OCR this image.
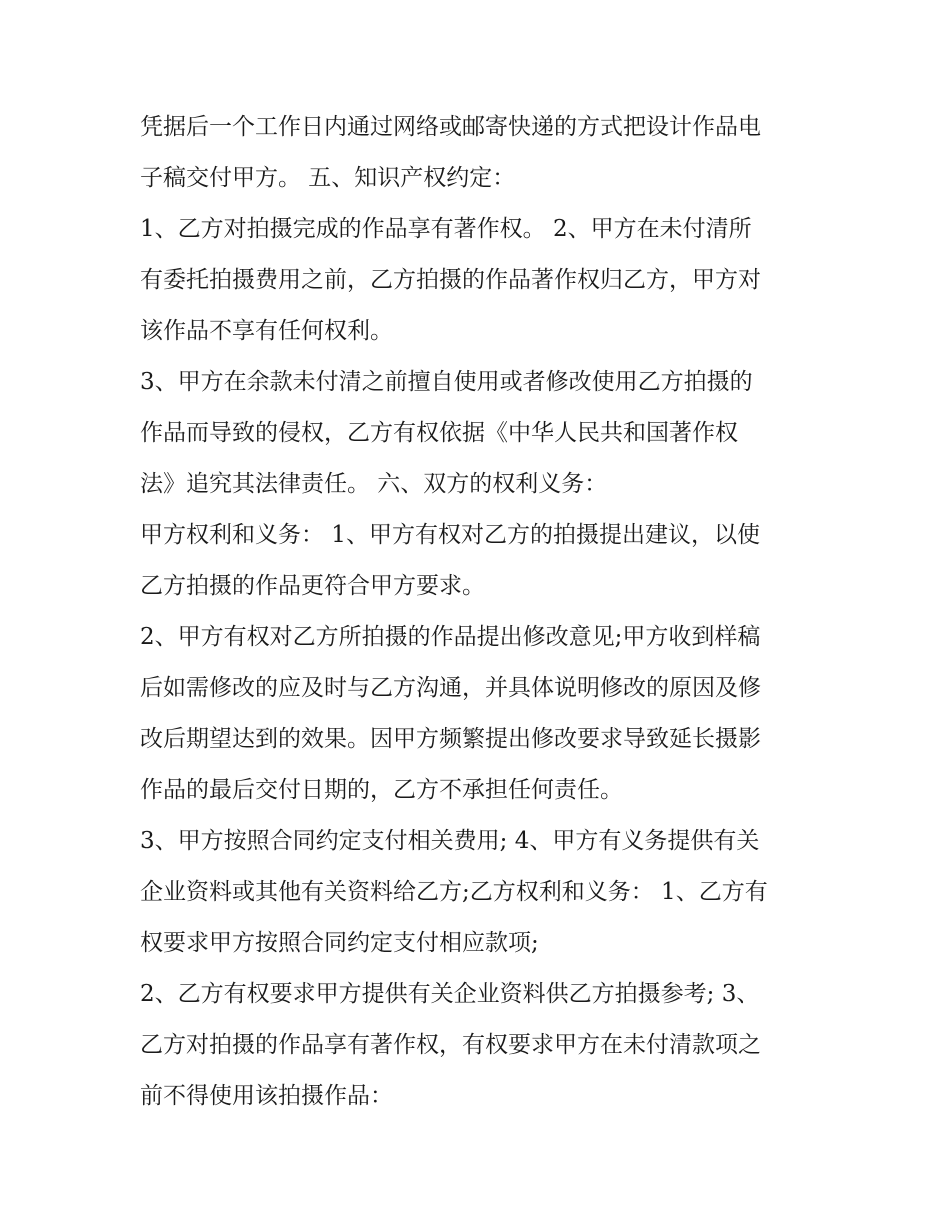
凭据后一个工作日内通过网络或邮寄快递的方式把设计作品电
子稿交付甲方。 五、知识产权约定：
1、乙方对拍摄完成的作品享有著作权。 2、甲方在未付清所
有委托拍摄费用之前，乙方拍摄的作品著作权归乙方，甲方对
该作品不享有任何权利。
3、甲方在余款未付清之前擅自使用或者修改使用乙方拍摄的
作品而导致的侵权，乙方有权依据《中华人民共和国著作权
法》追究其法律责任。 六、双方的权利义务：
甲方权利和义务： 1、甲方有权对乙方的拍摄提出建议，以使
乙方拍摄的作品更符合甲方要求。
2、甲方有权对乙方所拍摄的作品提出修改意见;甲方收到样稿
后如需修改的应及时与乙方沟通，并具体说明修改的原因及修
改后期望达到的效果。因甲方频繁提出修改要求导致延长摄影
作品的最后交付日期的，乙方不承担任何责任。
3、甲方按照合同约定支付相关费用; 4、甲方有义务提供有关
企业资料或其他有关资料给乙方;乙方权利和义务： 1、乙方有
权要求甲方按照合同约定支付相应款项;
2、乙方有权要求甲方提供有关企业资料供乙方拍摄参考; 3、
乙方对拍摄的作品享有著作权，有权要求甲方在未付清款项之
前不得使用该拍摄作品：
